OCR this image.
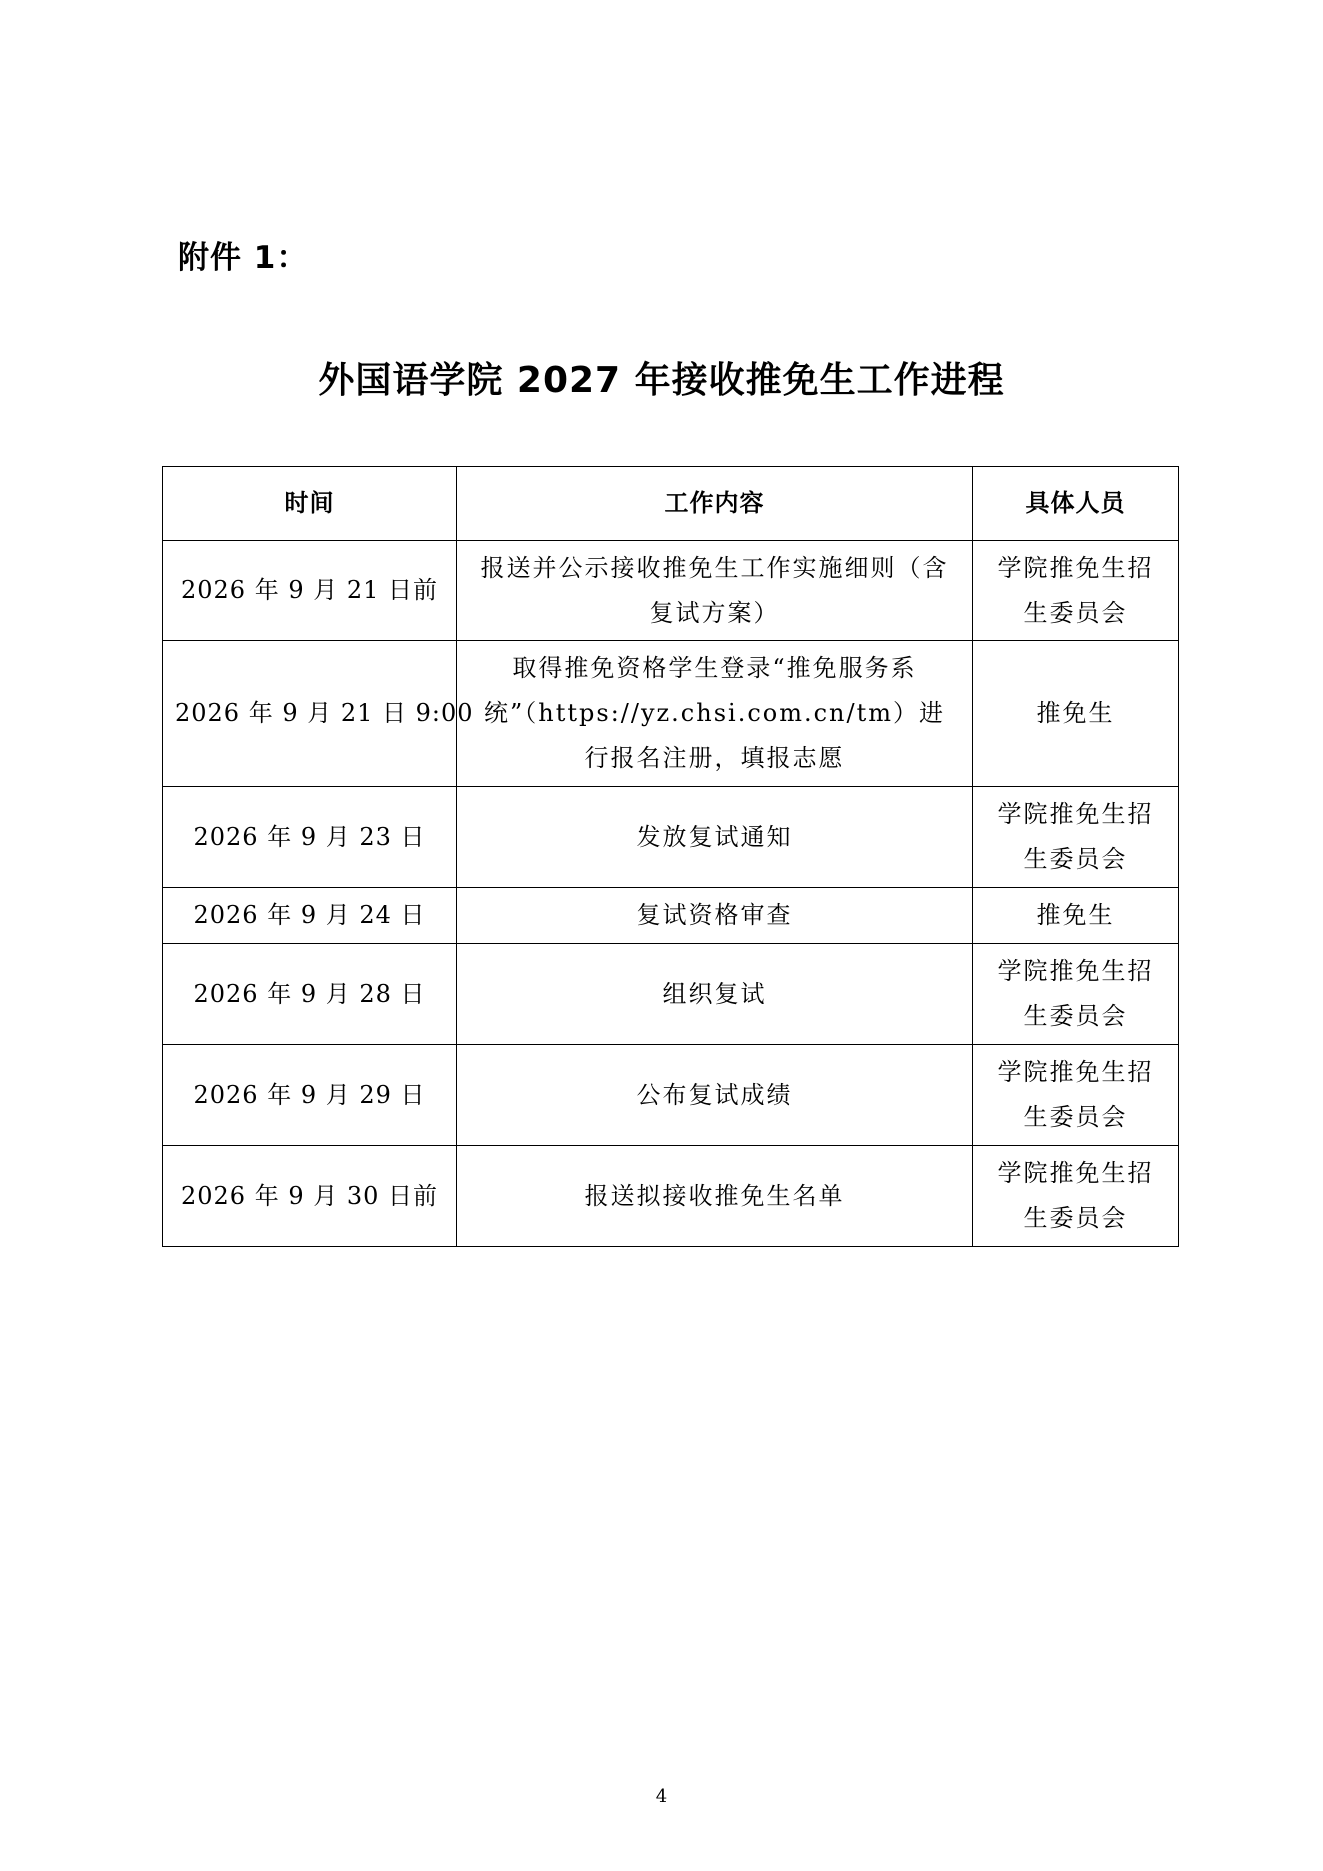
附件 1：
外国语学院 2027 年接收推免生工作进程
时间	工作内容	具体人员
2026 年 9 月 21 日前	报送并公示接收推免生工作实施细则（含复试方案）	学院推免生招生委员会
2026 年 9 月 21 日 9:00	取得推免资格学生登录“推免服务系统”（https://yz.chsi.com.cn/tm）进行报名注册，填报志愿	推免生
2026 年 9 月 23 日	发放复试通知	学院推免生招生委员会
2026 年 9 月 24 日	复试资格审查	推免生
2026 年 9 月 28 日	组织复试	学院推免生招生委员会
2026 年 9 月 29 日	公布复试成绩	学院推免生招生委员会
2026 年 9 月 30 日前	报送拟接收推免生名单	学院推免生招生委员会
4
